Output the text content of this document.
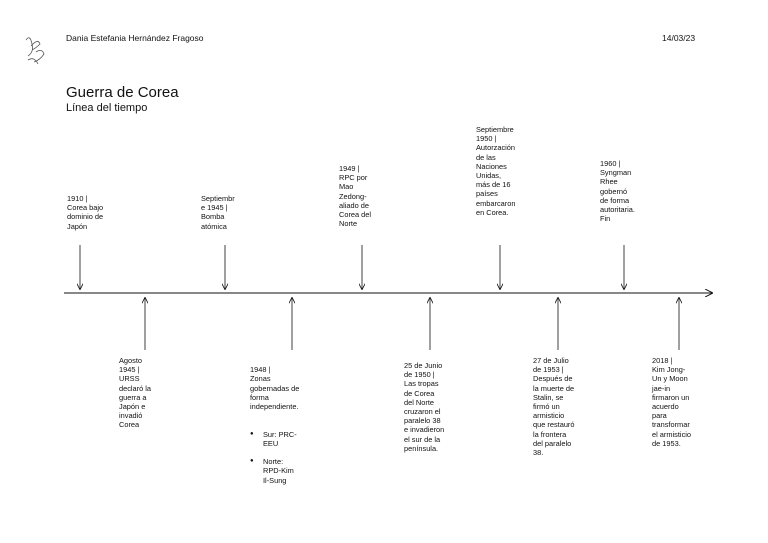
Dania Estefania Hernández Fragoso	14/03/23
Guerra de Corea
Línea del tiempo
1910 |
Corea bajo
dominio de
Japón
Septiembr
e 1945 |
Bomba
atómica
1949 |
RPC por
Mao
Zedong-
aliado de
Corea del
Norte
Septiembre
1950 |
Autorzación
de las
Naciones
Unidas,
más de 16
países
embarcaron
en Corea.
1960 |
Syngman
Rhee
gobernó
de forma
autoritaria.
Fin
Agosto
1945 |
URSS
declaró la
guerra a
Japón e
invadió
Corea

1948 |
Zonas
gobernadas de
forma
independiente.

● Sur: PRC-
EEU

● Norte:
RPD-Kim
Il-Sung

25 de Junio
de 1950 |
Las tropas
de Corea
del Norte
cruzaron el
paralelo 38
e invadieron
el sur de la
península.
27 de Julio
de 1953 |
Después de
la muerte de
Stalin, se
firmó un
armisticio
que restauró
la frontera
del paralelo
38.
2018 |
Kim Jong-
Un y Moon
jae-in
firmaron un
acuerdo
para
transformar
el armisticio
de 1953.
